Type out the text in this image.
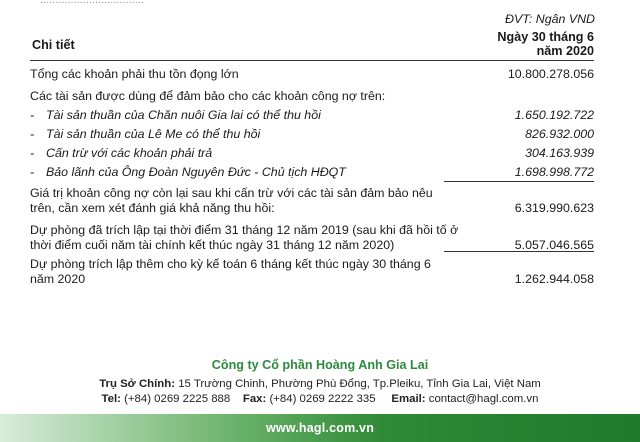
ĐVT: Ngân VND
Chi tiết
Ngày 30 tháng 6
năm 2020
Tổng các khoản phải thu tồn đọng lớn	10.800.278.056
Các tài sản được dùng để đảm bảo cho các khoản công nợ trên:
- Tài sản thuần của Chăn nuôi Gia lai có thể thu hồi	1.650.192.722
- Tài sản thuần của Lê Me có thể thu hồi	826.932.000
- Cấn trừ với các khoản phải trả	304.163.939
- Bảo lãnh của Ông Đoàn Nguyên Đức - Chủ tịch HĐQT	1.698.998.772
Giá trị khoản công nợ còn lại sau khi cấn trừ với các tài sản đảm bảo nêu
trên, cần xem xét đánh giá khả năng thu hồi:	6.319.990.623
Dự phòng đã trích lập tại thời điểm 31 tháng 12 năm 2019 (sau khi đã hồi tố ở
thời điểm cuối năm tài chính kết thúc ngày 31 tháng 12 năm 2020)	5.057.046.565
Dự phòng trích lập thêm cho kỳ kế toán 6 tháng kết thúc ngày 30 tháng 6
năm 2020	1.262.944.058
Công ty Cổ phần Hoàng Anh Gia Lai
Trụ Sở Chính: 15 Trường Chinh, Phường Phù Đổng, Tp.Pleiku, Tỉnh Gia Lai, Việt Nam
Tel: (+84) 0269 2225 888 Fax: (+84) 0269 2222 335 Email: contact@hagl.com.vn
www.hagl.com.vn
